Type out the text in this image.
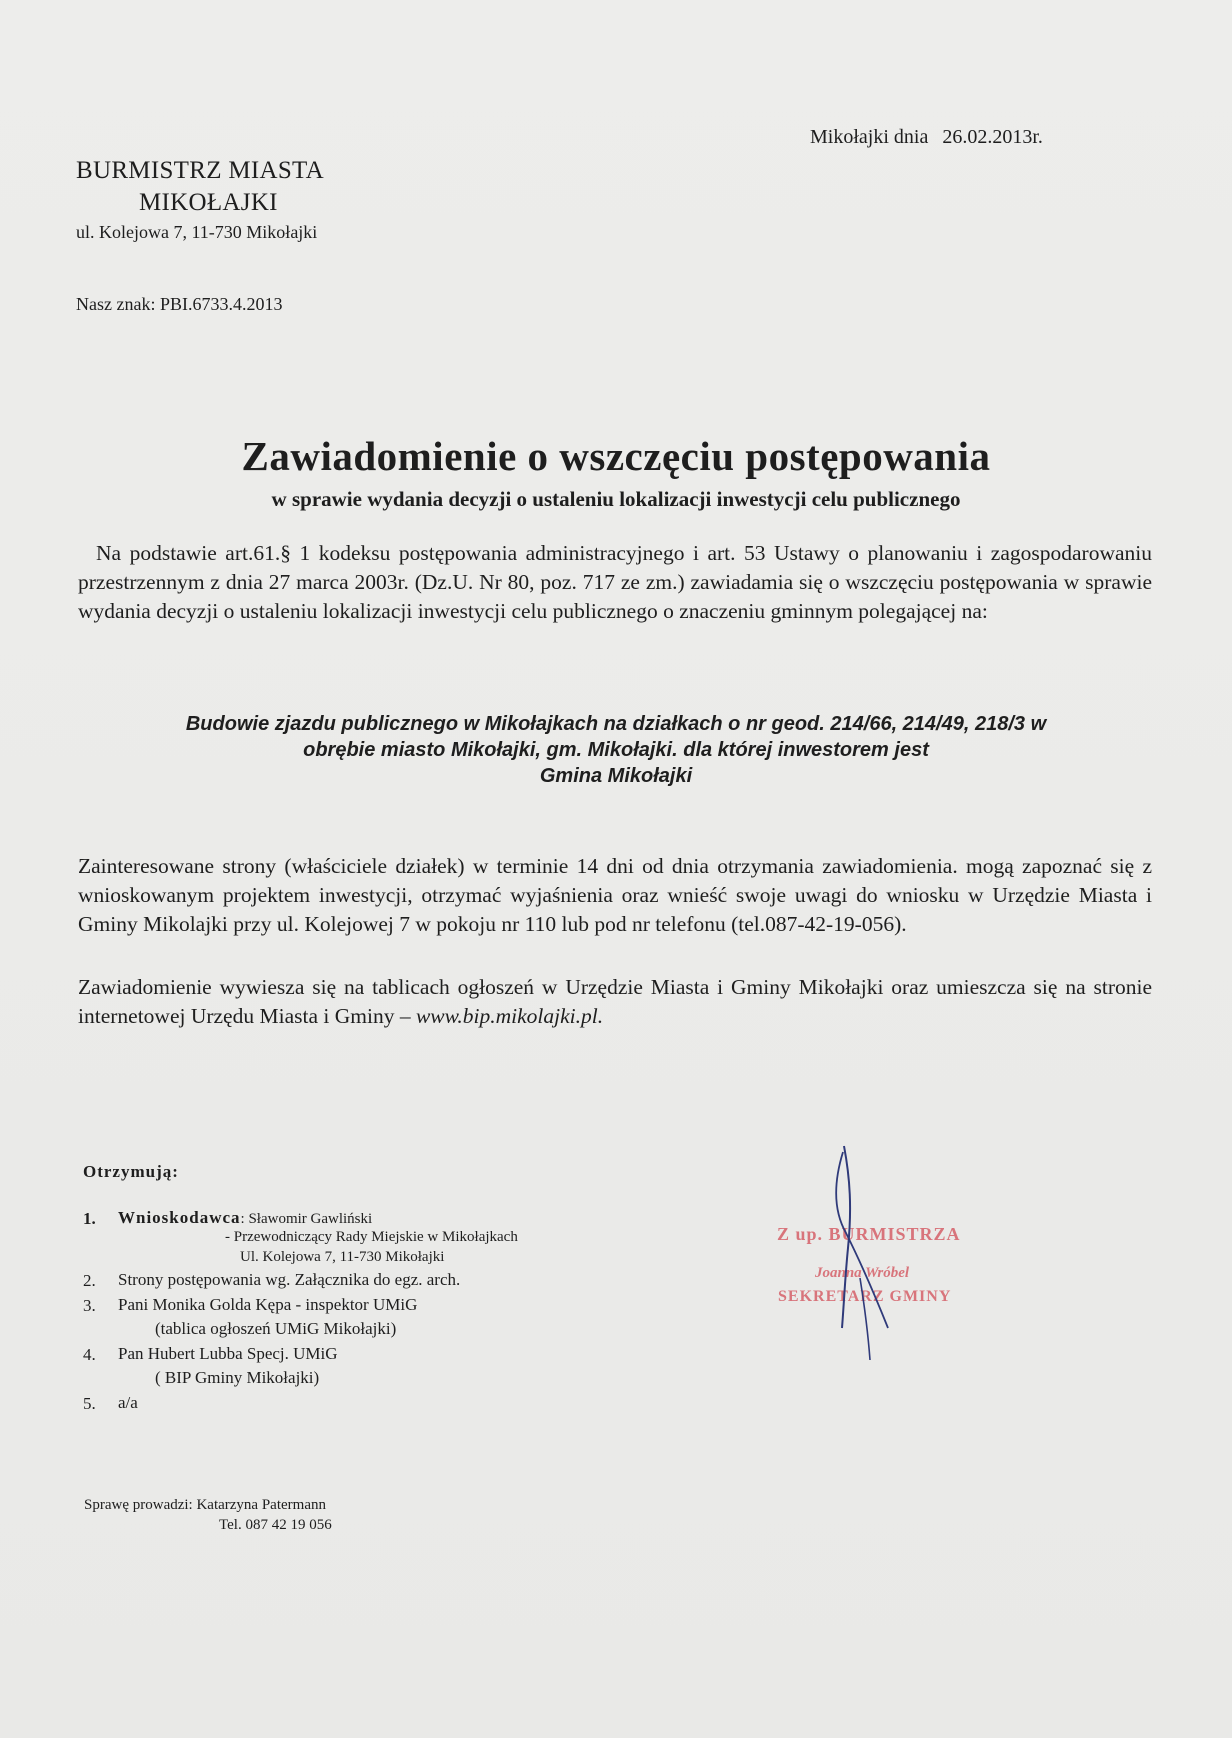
Mikołajki dnia 26.02.2013r.
BURMISTRZ MIASTA
MIKOŁAJKI
ul. Kolejowa 7, 11-730 Mikołajki
Nasz znak: PBI.6733.4.2013
Zawiadomienie o wszczęciu postępowania
w sprawie wydania decyzji o ustaleniu lokalizacji inwestycji celu publicznego
Na podstawie art.61.§ 1 kodeksu postępowania administracyjnego i art. 53 Ustawy o planowaniu i zagospodarowaniu przestrzennym z dnia 27 marca 2003r. (Dz.U. Nr 80, poz. 717 ze zm.) zawiadamia się o wszczęciu postępowania w sprawie wydania decyzji o ustaleniu lokalizacji inwestycji celu publicznego o znaczeniu gminnym polegającej na:
Budowie zjazdu publicznego w Mikołajkach na działkach o nr geod. 214/66, 214/49, 218/3 w
obrębie miasto Mikołajki, gm. Mikołajki. dla której inwestorem jest
Gmina Mikołajki
Zainteresowane strony (właściciele działek) w terminie 14 dni od dnia otrzymania zawiadomienia. mogą zapoznać się z wnioskowanym projektem inwestycji, otrzymać wyjaśnienia oraz wnieść swoje uwagi do wniosku w Urzędzie Miasta i Gminy Mikolajki przy ul. Kolejowej 7 w pokoju nr 110 lub pod nr telefonu (tel.087-42-19-056).
Zawiadomienie wywiesza się na tablicach ogłoszeń w Urzędzie Miasta i Gminy Mikołajki oraz umieszcza się na stronie internetowej Urzędu Miasta i Gminy – www.bip.mikolajki.pl.
Otrzymują:
1. Wnioskodawca: Sławomir Gawliński
- Przewodniczący Rady Miejskie w Mikołajkach
Ul. Kolejowa 7, 11-730 Mikołajki
2. Strony postępowania wg. Załącznika do egz. arch.
3. Pani Monika Golda Kępa - inspektor UMiG
(tablica ogłoszeń UMiG Mikołajki)
4. Pan Hubert Lubba Specj. UMiG
( BIP Gminy Mikołajki)
5. a/a
Z up. BURMISTRZA
Joanna Wróbel
SEKRETARZ GMINY
Sprawę prowadzi: Katarzyna Patermann
Tel. 087 42 19 056
